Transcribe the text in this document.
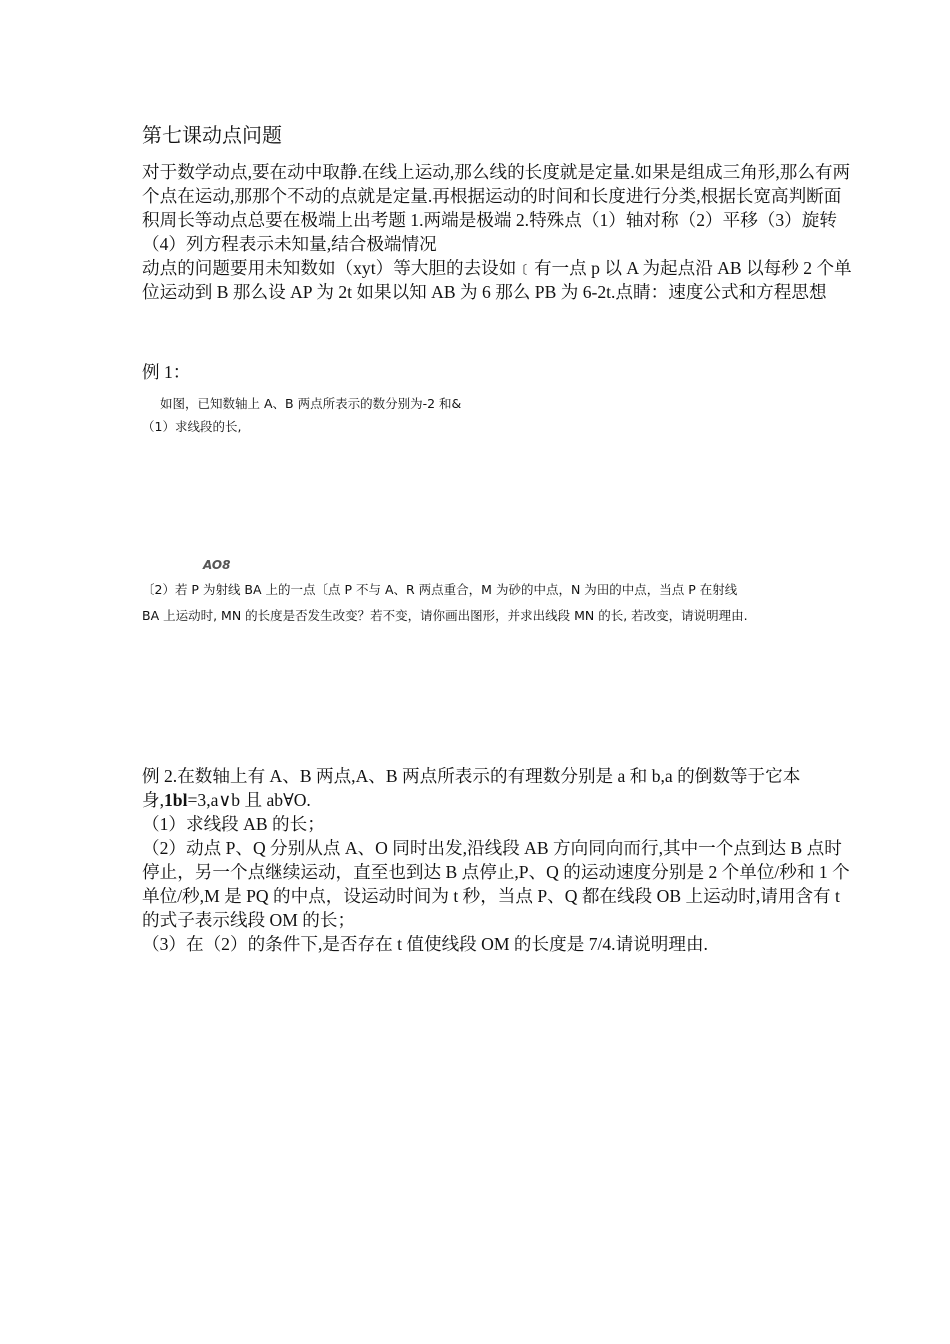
第七课动点问题

对于数学动点,要在动中取静.在线上运动,那么线的长度就是定量.如果是组成三角形,那么有两个点在运动,那那个不动的点就是定量.再根据运动的时间和长度进行分类,根据长宽高判断面积周长等动点总要在极端上出考题 1.两端是极端 2.特殊点（1）轴对称（2）平移（3）旋转（4）列方程表示未知量,结合极端情况

动点的问题要用未知数如（xyt）等大胆的去设如﹝有一点 p 以 A 为起点沿 AB 以每秒 2 个单位运动到 B 那么设 AP 为 2t 如果以知 AB 为 6 那么 PB 为 6-2t.点睛：速度公式和方程思想

例 1：
如图，已知数轴上 A、B 两点所表示的数分别为-2 和&
（1）求线段的长,
AO8
〔2）若 P 为射线 BA 上的一点〔点 P 不与 A、R 两点重合，M 为砂的中点，N 为田的中点，当点 P 在射线
BA 上运动时, MN 的长度是否发生改变？若不变，请你画出图形，并求出线段 MN 的长, 若改变，请说明理由.

例 2.在数轴上有 A、B 两点,A、B 两点所表示的有理数分别是 a 和 b,a 的倒数等于它本身,1bl=3,a∨b 且 ab∀O.

（1）求线段 AB 的长；

（2）动点 P、Q 分别从点 A、O 同时出发,沿线段 AB 方向同向而行,其中一个点到达 B 点时停止，另一个点继续运动，直至也到达 B 点停止,P、Q 的运动速度分别是 2 个单位/秒和 1 个单位/秒,M 是 PQ 的中点，设运动时间为 t 秒，当点 P、Q 都在线段 OB 上运动时,请用含有 t 的式子表示线段 OM 的长；

（3）在（2）的条件下,是否存在 t 值使线段 OM 的长度是 7/4.请说明理由.
